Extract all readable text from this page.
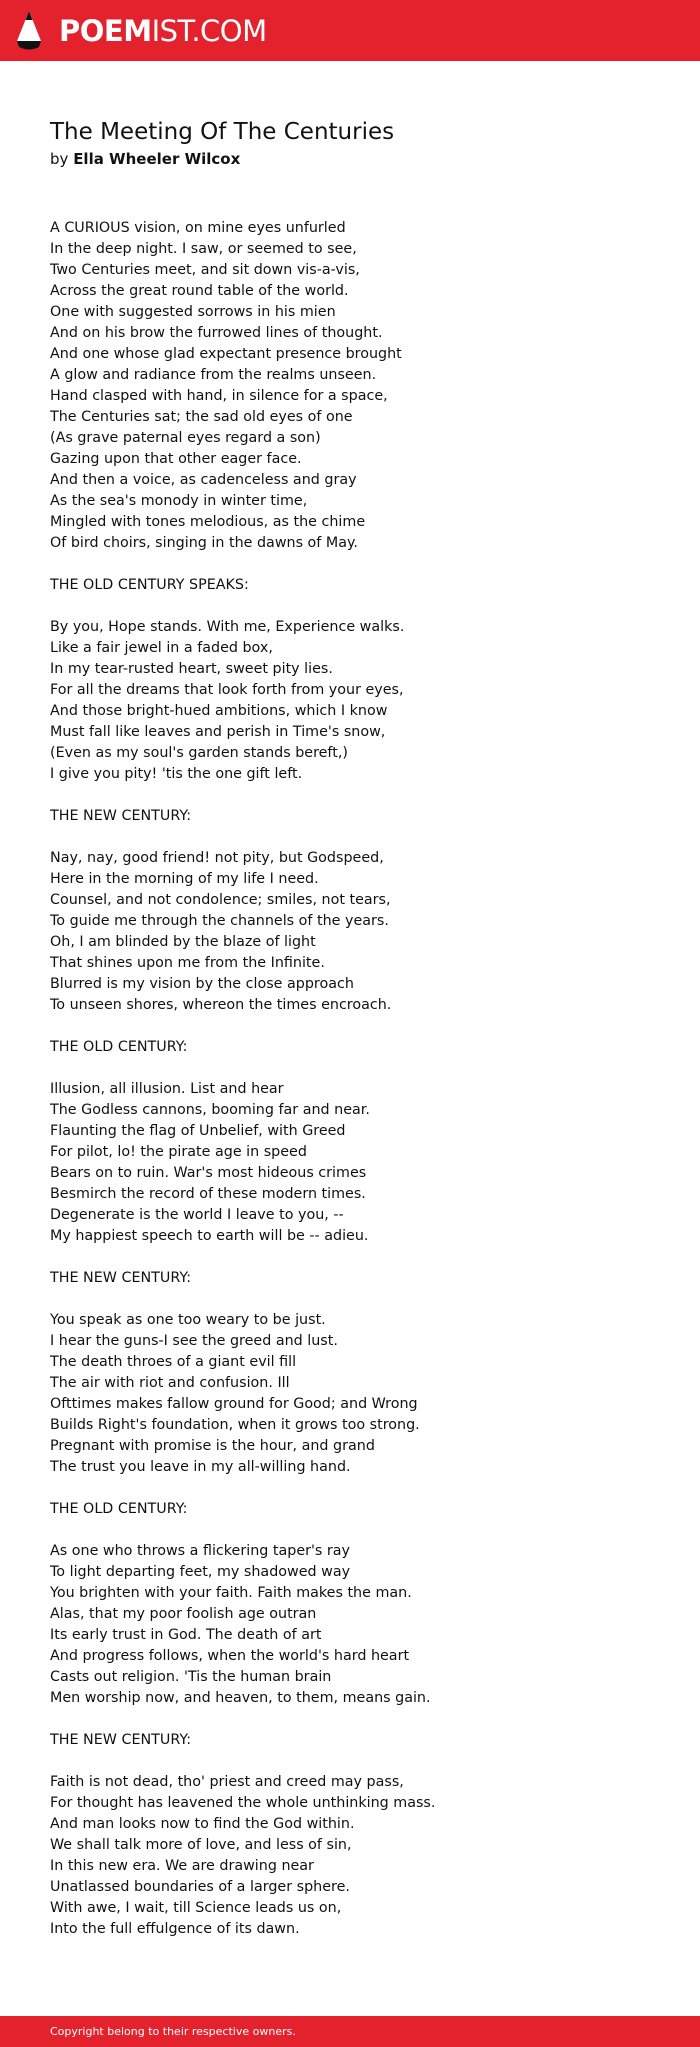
POEMIST.COM
The Meeting Of The Centuries
by Ella Wheeler Wilcox
A CURIOUS vision, on mine eyes unfurled
In the deep night. I saw, or seemed to see,
Two Centuries meet, and sit down vis-a-vis,
Across the great round table of the world.
One with suggested sorrows in his mien
And on his brow the furrowed lines of thought.
And one whose glad expectant presence brought
A glow and radiance from the realms unseen.
Hand clasped with hand, in silence for a space,
The Centuries sat; the sad old eyes of one
(As grave paternal eyes regard a son)
Gazing upon that other eager face.
And then a voice, as cadenceless and gray
As the sea's monody in winter time,
Mingled with tones melodious, as the chime
Of bird choirs, singing in the dawns of May.
THE OLD CENTURY SPEAKS:
By you, Hope stands. With me, Experience walks.
Like a fair jewel in a faded box,
In my tear-rusted heart, sweet pity lies.
For all the dreams that look forth from your eyes,
And those bright-hued ambitions, which I know
Must fall like leaves and perish in Time's snow,
(Even as my soul's garden stands bereft,)
I give you pity! 'tis the one gift left.
THE NEW CENTURY:
Nay, nay, good friend! not pity, but Godspeed,
Here in the morning of my life I need.
Counsel, and not condolence; smiles, not tears,
To guide me through the channels of the years.
Oh, I am blinded by the blaze of light
That shines upon me from the Infinite.
Blurred is my vision by the close approach
To unseen shores, whereon the times encroach.
THE OLD CENTURY:
Illusion, all illusion. List and hear
The Godless cannons, booming far and near.
Flaunting the flag of Unbelief, with Greed
For pilot, lo! the pirate age in speed
Bears on to ruin. War's most hideous crimes
Besmirch the record of these modern times.
Degenerate is the world I leave to you, --
My happiest speech to earth will be -- adieu.
THE NEW CENTURY:
You speak as one too weary to be just.
I hear the guns-I see the greed and lust.
The death throes of a giant evil fill
The air with riot and confusion. Ill
Ofttimes makes fallow ground for Good; and Wrong
Builds Right's foundation, when it grows too strong.
Pregnant with promise is the hour, and grand
The trust you leave in my all-willing hand.
THE OLD CENTURY:
As one who throws a flickering taper's ray
To light departing feet, my shadowed way
You brighten with your faith. Faith makes the man.
Alas, that my poor foolish age outran
Its early trust in God. The death of art
And progress follows, when the world's hard heart
Casts out religion. 'Tis the human brain
Men worship now, and heaven, to them, means gain.
THE NEW CENTURY:
Faith is not dead, tho' priest and creed may pass,
For thought has leavened the whole unthinking mass.
And man looks now to find the God within.
We shall talk more of love, and less of sin,
In this new era. We are drawing near
Unatlassed boundaries of a larger sphere.
With awe, I wait, till Science leads us on,
Into the full effulgence of its dawn.
Copyright belong to their respective owners.
